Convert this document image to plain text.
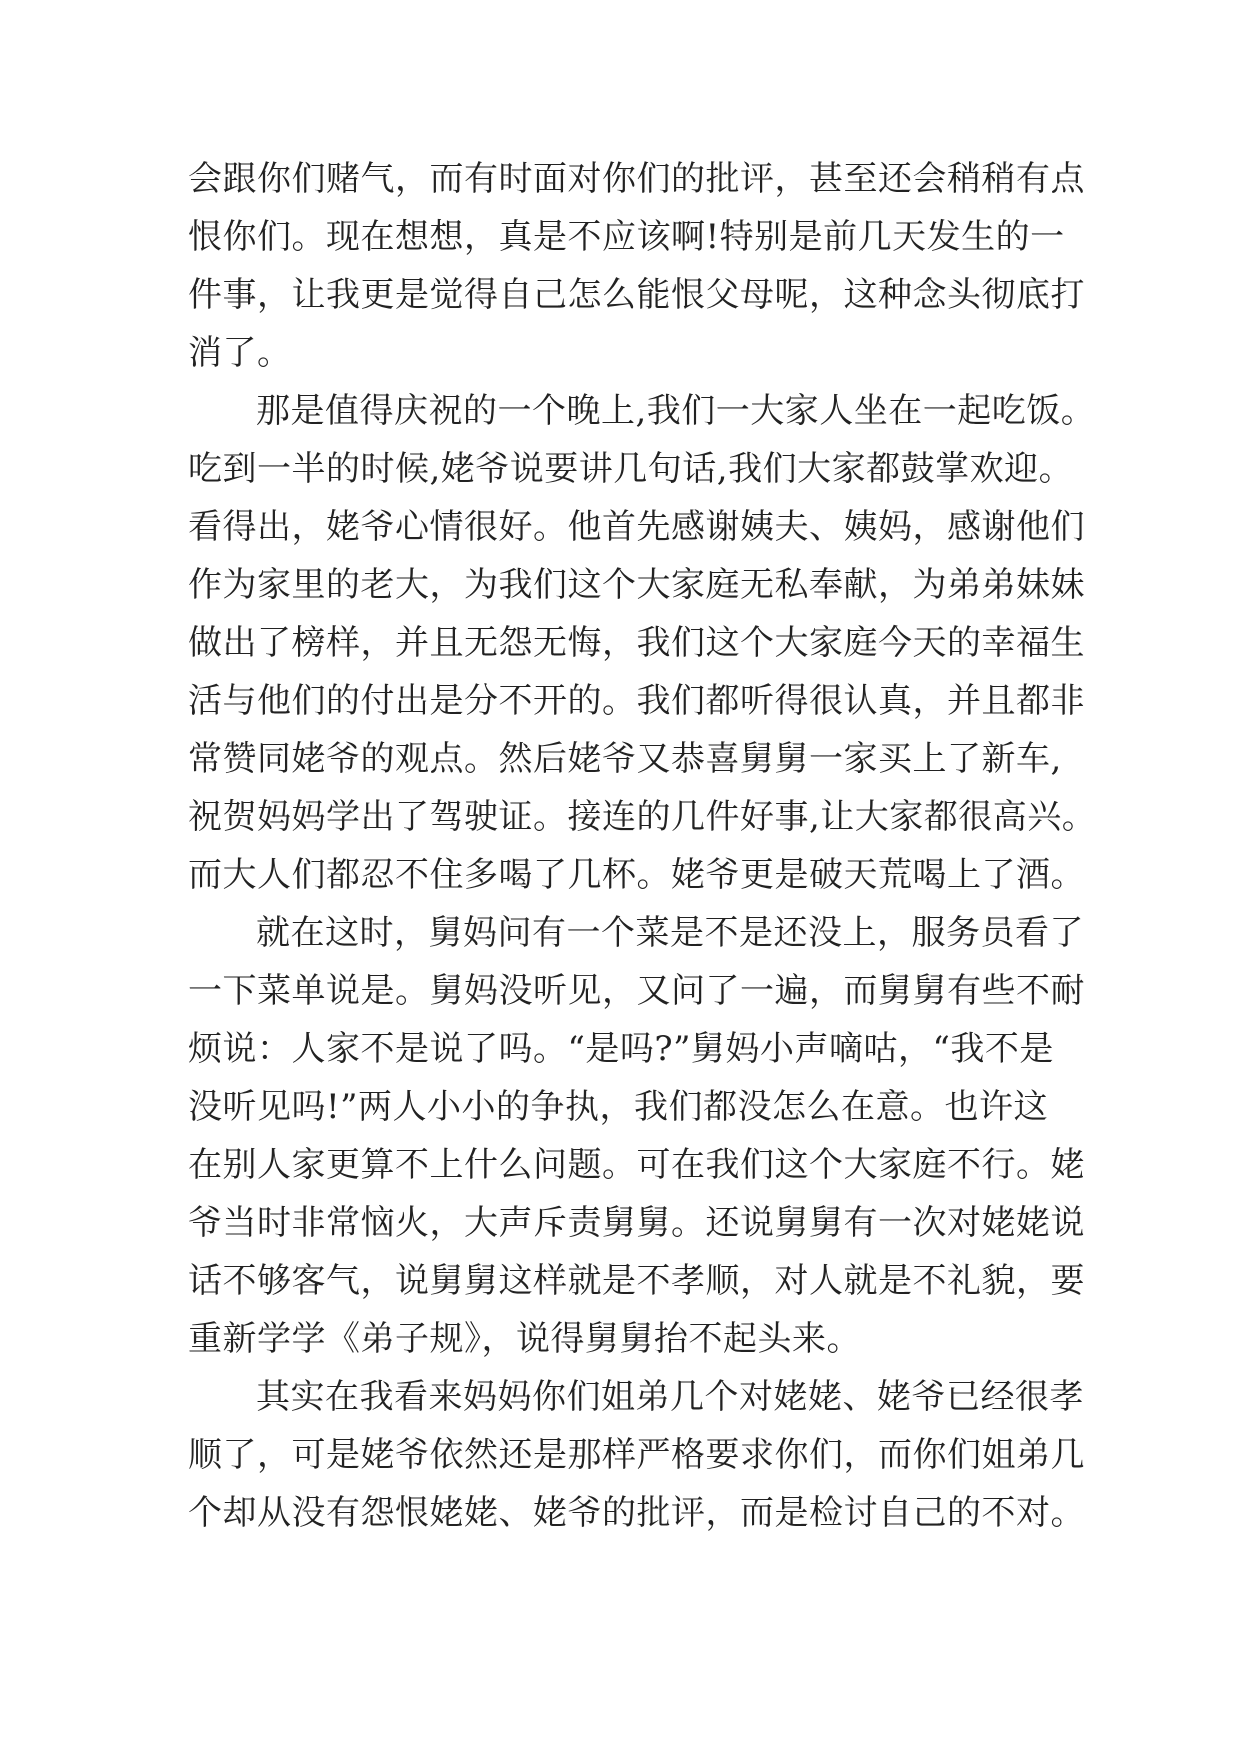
会跟你们赌气，而有时面对你们的批评，甚至还会稍稍有点
恨你们。现在想想，真是不应该啊!特别是前几天发生的一
件事，让我更是觉得自己怎么能恨父母呢，这种念头彻底打
消了。
那是值得庆祝的一个晚上,我们一大家人坐在一起吃饭。
吃到一半的时候,姥爷说要讲几句话,我们大家都鼓掌欢迎。
看得出，姥爷心情很好。他首先感谢姨夫、姨妈，感谢他们
作为家里的老大，为我们这个大家庭无私奉献，为弟弟妹妹
做出了榜样，并且无怨无悔，我们这个大家庭今天的幸福生
活与他们的付出是分不开的。我们都听得很认真，并且都非
常赞同姥爷的观点。然后姥爷又恭喜舅舅一家买上了新车,
祝贺妈妈学出了驾驶证。接连的几件好事,让大家都很高兴。
而大人们都忍不住多喝了几杯。姥爷更是破天荒喝上了酒。
就在这时，舅妈问有一个菜是不是还没上，服务员看了
一下菜单说是。舅妈没听见，又问了一遍，而舅舅有些不耐
烦说：人家不是说了吗。“是吗?”舅妈小声嘀咕，“我不是
没听见吗!”两人小小的争执，我们都没怎么在意。也许这
在别人家更算不上什么问题。可在我们这个大家庭不行。姥
爷当时非常恼火，大声斥责舅舅。还说舅舅有一次对姥姥说
话不够客气，说舅舅这样就是不孝顺，对人就是不礼貌，要
重新学学《弟子规》，说得舅舅抬不起头来。
其实在我看来妈妈你们姐弟几个对姥姥、姥爷已经很孝
顺了，可是姥爷依然还是那样严格要求你们，而你们姐弟几
个却从没有怨恨姥姥、姥爷的批评，而是检讨自己的不对。
